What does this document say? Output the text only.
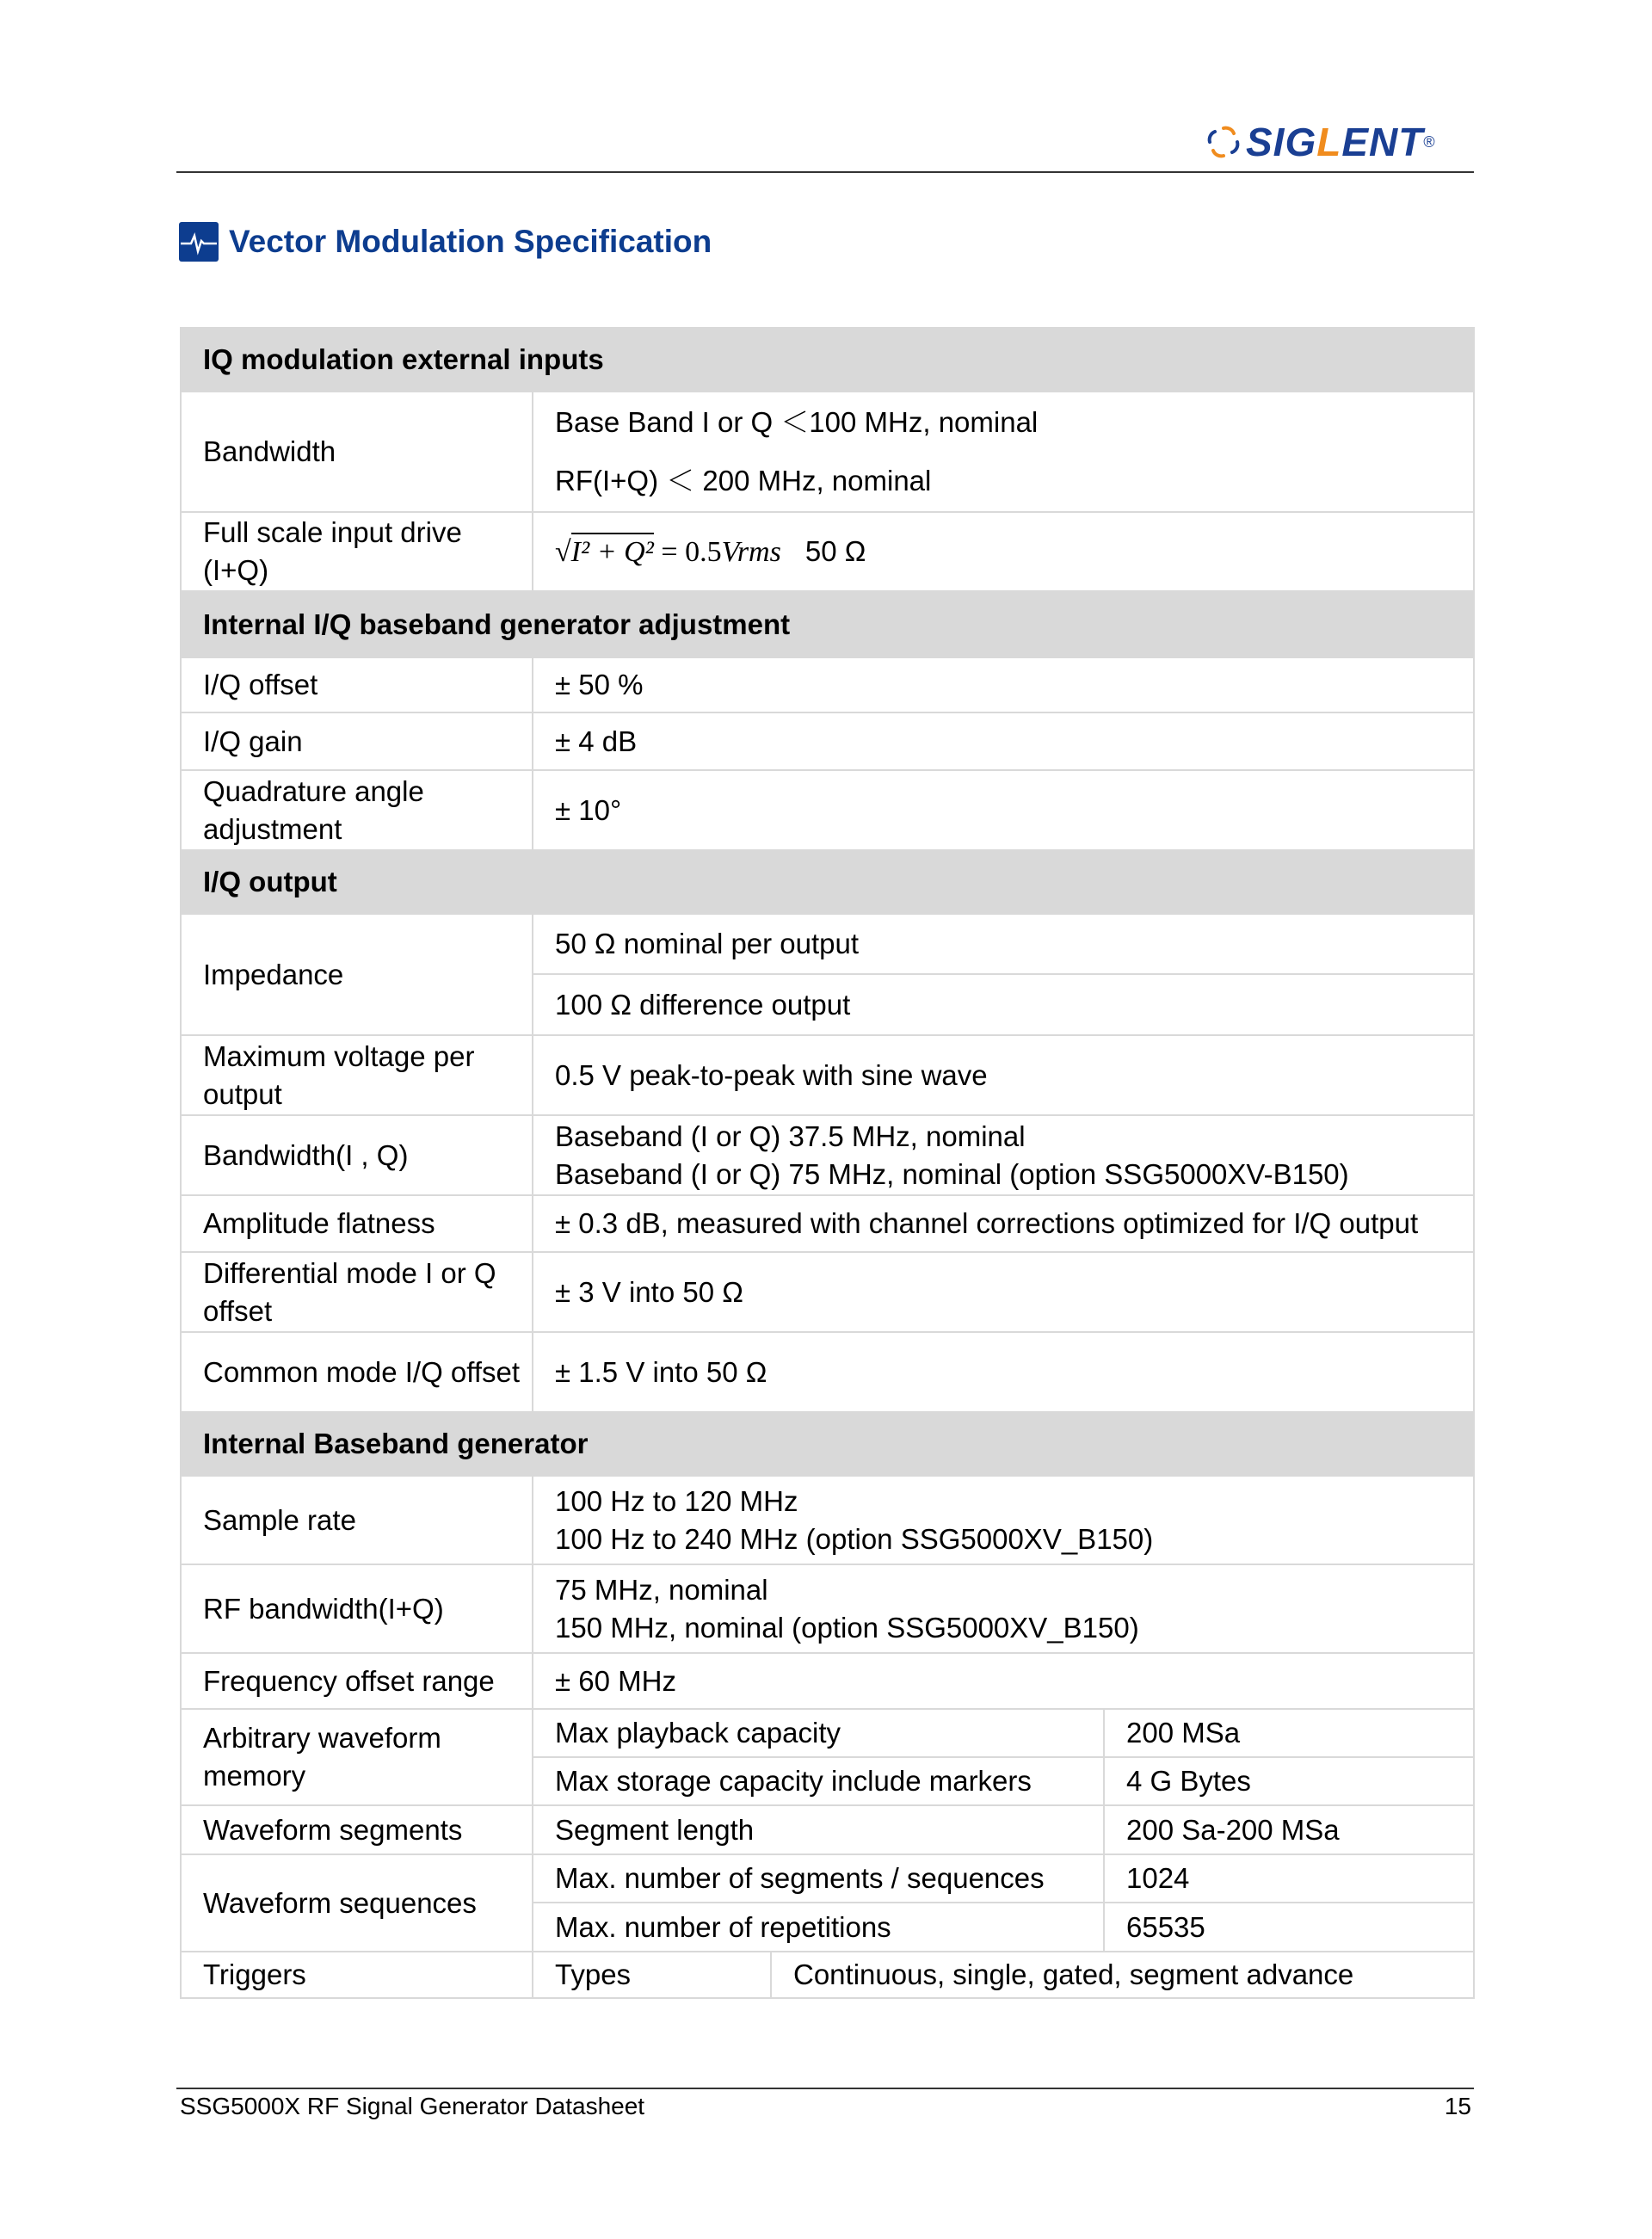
SIGLENT ®
Vector Modulation Specification
IQ modulation external inputs			
Bandwidth	Base Band I or Q ＜100 MHz, nominal

RF(I+Q) ＜ 200 MHz, nominal		

Full scale input drive (I+Q)	√I² + Q² = 0.5Vrms 50 Ω		
Internal I/Q baseband generator adjustment			
I/Q offset	± 50 %		
I/Q gain	± 4 dB		
Quadrature angle adjustment	± 10°		
I/Q output			
Impedance	50 Ω nominal per output		
	100 Ω difference output		
Maximum voltage per output	0.5 V peak-to-peak with sine wave		
Bandwidth(I , Q)	Baseband (I or Q) 37.5 MHz, nominal

Baseband (I or Q) 75 MHz, nominal (option SSG5000XV-B150)		

Amplitude flatness	± 0.3 dB, measured with channel corrections optimized for I/Q output		
Differential mode I or Q offset	± 3 V into 50 Ω		
Common mode I/Q offset	± 1.5 V into 50 Ω		
Internal Baseband generator			
Sample rate	100 Hz to 120 MHz

100 Hz to 240 MHz (option SSG5000XV_B150)		

RF bandwidth(I+Q)	75 MHz, nominal

150 MHz, nominal (option SSG5000XV_B150)		

Frequency offset range	± 60 MHz		
Arbitrary waveform memory	Max playback capacity		200 MSa
	Max storage capacity include markers		4 G Bytes
Waveform segments	Segment length		200 Sa-200 MSa
Waveform sequences	Max. number of segments / sequences		1024
	Max. number of repetitions		65535
Triggers	Types	Continuous, single, gated, segment advance	
SSG5000X RF Signal Generator Datasheet	15
